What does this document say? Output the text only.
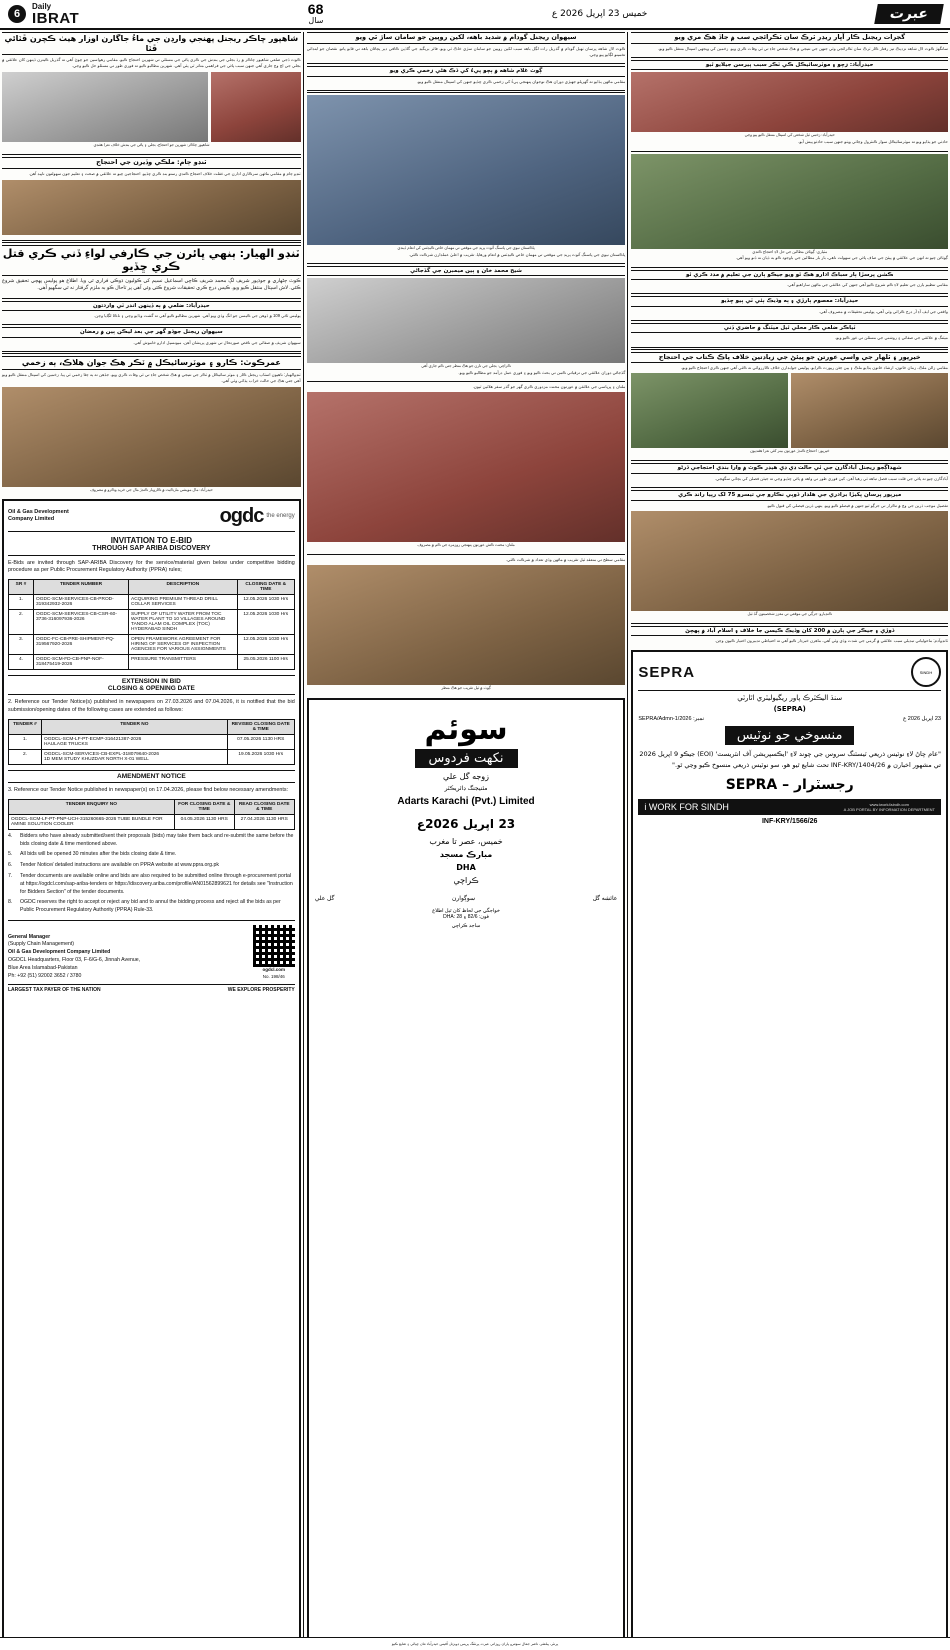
6
Daily
IBRAT
68
سال
خميس 23 اپريل 2026 ع	عبرت
شاهپور چاڪر ريجنل پهنجي وارڊن جي ماءُ جاگارن اوزار هيٺ ڪچرن ڦٽائي ڦٽا
ڪوٽ ڏجي ضلعي شاهپور چاڪر ۾ رڌ بجلي جي بندش جي ڪري پاڻي جي مسئلي تي شهرين احتجاج ڪيو. مقامي رهواسين جو چوڻ آهي ته گذريل ڪيترن ڏينهن کان علائقي ۾ بجلي جي اچ وڃ جاري آهي جنهن سبب پاڻي جي فراهمي متاثر ٿي پئي آهي. شهرين مطالبو ڪيو ته فوري طور تي مسئلو حل ڪيو وڃي.
شاهپور چاڪر: شهرين جو احتجاج، بجلي ۽ پاڻي جي بندش خلاف نعرا هڻندي
ٽنڊو ڄام: ملڪي وڏيرن جي احتجاج
ٽنڊو ڄام ۾ مقامي ماڻهن سرڪاري ادارن جي غفلت خلاف احتجاج ڪندي رستو بند ڪري ڇڏيو. احتجاجين چيو ته علائقي ۾ صحت ۽ تعليم جون سهولتون ناپيد آهن.
ٽنڊو الهيار: ٻنهي ڀائرن جي ڪارفي لواءِ ڏني ڪري قتل ڪري ڇڏيو
ڪوٽ ڄڻهاري ۾ جوڌپور شريف لڳ محمد شريف ڪاڇي اسماعيل نسيم کي ڪوليون ڌوڪي فراري ٿي ويا. اطلاع هو پوليس پهچي تحقيق شروع ڪئي. لاش اسپتال منتقل ڪيو ويو. ڪيس درج ڪري تحقيقات شروع ڪئي وئي آهي پر تاحال ڪو به ملزم گرفتار نه ٿي سگهيو آهي.
حيدرآباد: ضلعي ۾ ٻه ڏينهن اندر ٽي واردتون
پوليس ٿاڻي 109 ۾ ڏوهن جي ڪيسن جو انگ وڌي ويو آهي. شهرين مطالبو ڪيو آهي ته گشت وڌايو وڃي ۽ ناڪا لڳايا وڃن.
سيهوان ريجنل جوڌو گهر جي بعد ليڪن ٻين ۾ رمضان
سيهوان شريف ۾ صفائي جي ناقص صورتحال تي شهري پريشان آهن، ميونسپل ادارو خاموش آهي.
عمرڪوٽ: ڪارو ۽ موٽرسائيڪل ۾ ٽڪر هڪ جوان هلاڪ، ٻه زخمي
ٽنڊوالهيار: ناهيون اسٽاپ ريجنل ڪار ۽ موٽر سائيڪل ۾ ٽڪر جي نتيجي ۾ هڪ شخص جاءِ تي ئي وفات ڪري ويو، جڏهن ته ٻه ڄڻا زخمي ٿي پيا. زخمين کي اسپتال منتقل ڪيو ويو آهي جتي هڪ جي حالت خراب ٻڌائي وئي آهي.
حيدرآباد: مال مويشي مارڪيٽ ۾ ڪاروبار ڪندڙ مال جي خريد وڪرو ۾ مصروف
Oil & Gas Development
Company Limited	ogdc the energy
INVITATION TO E-BID
THROUGH SAP ARIBA DISCOVERY
E-Bids are invited through SAP-ARIBA Discovery for the service/material given below under competitive bidding procedure as per Public Procurement Regulatory Authority (PPRA) rules;
SR #	TENDER NUMBER	DESCRIPTION	CLOSING DATE & TIME
1.	OGDC-SCM-SERVICES-CB-PROD-319342932-2026	ACQUIRING PREMIUM THREAD DRILL COLLAR SERVICES	12.05.2026 1030 Hrs
2.	OGDC-SCM-SERVICES-CB-CSR-60-3736-316097936-2026	SUPPLY OF UTILITY WATER FROM TOC WATER PLANT TO 10 VILLAGES AROUND TANDO ALAM OIL COMPLEX (TOC) HYDERABAD SINDH	12.05.2026 1030 Hrs
3.	OGDC-FC-CB-PRE-SHIPMENT-PQ-319567920-2026	OPEN FRAMEWORK AGREEMENT FOR HIRING OF SERVICES OF INSPECTION AGENCIES FOR VARIOUS ASSIGNMENTS	12.05.2026 1030 Hrs
4.	OGDC-SCM-FD-CB-PNP-NOF-318475419-2026	PRESSURE TRANSMITTERS	25.05.2026 1100 Hrs
EXTENSION IN BID
CLOSING & OPENING DATE
2. Reference our Tender Notice(s) published in newspapers on 27.03.2026 and 07.04.2026, it is notified that the bid submission/opening dates of the following cases are extended as follows:
TENDER #	TENDER NO	REVISED CLOSING DATE & TIME
1.	OGDCL-SCM-LF-PT-ECMP-316421387-2026
HAULAGE TRUCKS	07.05.2026 1130 HRS
2.	OGDCL-SCM-SERVICES-CB-EXPL-318079640-2026
1D MEM STUDY KHUZDAR NORTH X-01 WELL	19.05.2026 1030 Hrs
AMENDMENT NOTICE
3. Reference our Tender Notice published in newspaper(s) on 17.04.2026, please find below necessary amendments:
TENDER ENQUIRY NO	FOR CLOSING DATE & TIME	READ CLOSING DATE & TIME
OGDCL-SCM-LF-PT-PNP-UCH-315260665-2026 TUBE BUNDLE FOR AMINE SOLUTION COOLER	04.05.2026 1130 HRS	27.04.2026 1130 HRS
4.	Bidders who have already submitted/sent their proposals (bids) may take them back and re-submit the same before the bids closing date & time mentioned above.
5.	All bids will be opened 30 minutes after the bids closing date & time.
6.	Tender Notice/ detailed instructions are available on PPRA website at www.ppra.org.pk
7.	Tender documents are available online and bids are also required to be submitted online through e-procurement portal at https://ogdcl.com/sap-ariba-tenders or https://discovery.ariba.com/profile/AN01562899621 for details see "Instruction for Bidders Section" of the tender documents.
8.	OGDC reserves the right to accept or reject any bid and to annul the bidding process and reject all the bids as per Public Procurement Regulatory Authority (PPRA) Rule-33.
General Manager
(Supply Chain Management)
Oil & Gas Development Company Limited
OGDCL Headquarters, Floor 03, F-6/G-6, Jinnah Avenue,
Blue Area Islamabad-Pakistan
Ph: +92 (51) 92002 3652 / 3780
ogdcl.com
No. 198/46
LARGEST TAX PAYER OF THE NATION	WE EXPLORE PROSPERITY
سيهوان ريجنل گودام ۾ شديد باهه، لکين روپين جو سامان ساڙ ٿي ويو
ڪوٽ لال شاهه ڀرسان ٺهيل گودام ۾ گذريل رات لڳل باهه سبب لکين روپين جو سامان سڙي خاڪ ٿي ويو. فائر بريگيڊ جي گاڏين ڪافي دير پڄاڻان باهه تي قابو پاتو. نقصان جو ابتدائي تخمينو لڳايو پيو وڃي.
ڳوٺ غلام شاهه ۾ ٻچو پيءُ کي ڌڪ هڻي زخمي ڪري ويو
مقامي ماڻهن ٻڌايو ته گهريلو جهيڙي دوران هڪ نوجوان پنهنجي پيءُ کي زخمي ڪري ڇڏيو جنهن کي اسپتال منتقل ڪيو ويو.
پاڪستان نيوي جي پاسنگ آئوٽ پريڊ جي موقعي تي مهمان خاص ڪيڊٽس کي انعام ڏيندي
پاڪستان نيوي جي پاسنگ آئوٽ پريڊ جي موقعي تي مهمان خاص ڪيڊٽس ۾ انعام ورهايا. تقريب ۾ اعليٰ عملدارن شرڪت ڪئي.
شيخ محمد خان ۽ ٻين ميمبرن جي گڏجاڻي
ڪراچي: بجلي جي تارن جو هڪ منظر جتي ڪم جاري آهي
گڏجاڻي دوران علائقي جي ترقياتي ڪمن تي بحث ڪيو ويو ۽ فوري عمل درآمد جو مطالبو ڪيو ويو.
ملتان ۽ ڀرپاسي جي علائقن ۾ عورتون محنت مزدوري ڪري گهر جو گذر سفر هلائين ٿيون.
ملتان: محنت ڪش عورتون پنهنجي روزمره جي ڪم ۾ مصروف
مقامي سطح تي منعقد ٿيل تقريب ۾ ماڻهن وڏي تعداد ۾ شرڪت ڪئي.
ڳوٺ ۾ ٿيل تقريب جو هڪ منظر
سوئم
نکهت فردوس
زوجه گل علي
مئنيجنگ ڊائريڪٽر
Adarts Karachi (Pvt.) Limited
23 اپريل 2026ع
خميس، عصر تا مغرب
مبارڪ مسجد
DHA
ڪراچي
عائشه گل
سوڳوارن
گل علي
خواجگي جي لحاظ کان ٿيل اطلاع
فون: 82/6 ۽ DHA: 28
ساجد ڪراچي
گجرات ريجنل ڪار آڀار ريڊر ٽرڪ سان ٽڪرائجي سب ۾ جاڏ هڪ مري ويو
سانگهڙ ڪوٽ لال شاهه نزديڪ تيز رفتار ڪار ٽرڪ سان ٽڪرائجي وئي جنهن جي نتيجي ۾ هڪ شخص جاءِ تي ئي وفات ڪري ويو. زخمين کي ويجهي اسپتال منتقل ڪيو ويو.
حيدرآباد: زچو ۽ موٽرسائيڪل ڪي ٽڪر سبب پيرسن جيلايو ٿيو
حيدرآباد: زخمي ٿيل شخص کي اسپتال منتقل ڪيو پيو وڃي
حادثي جو ٻڌايو ويو ته موٽرسائيڪل سوار ڪنٽرول وڃائي ويٺو جنهن سبب حادثو پيش آيو.
مٽياري: ڳوٺاڻن مطالبن جي حل لاءِ احتجاج ڪندي
ڳوٺاڻن چيو ته انهن جي علائقي ۾ پيئڻ جي صاف پاڻي جي سهولت ناهي، بار بار مطالبن جي باوجود ڪو به ڌيان نه ڏنو ويو آهي.
ڪشن پرسڙا ٻار سباڪ ادارو هڪ ٿو ويو جيڪو ٻارن جي تعليم ۾ مدد ڪري ٿو
مقامي تنظيم ٻارن جي تعليم لاءِ ڪم شروع ڪيو آهي جنهن کي علائقي جي ماڻهن ساراهيو آهي.
حيدرآباد: معصوم ٻارڙي ۽ ٻه وڌيڪ ٻئي ٽي ٻيو ڇڏيو
واقعي جي ايف آءِ آر درج ڪرائي وئي آهي، پوليس تحقيقات ۾ مصروف آهي.
ٽياڪر ضلعي ڪار محلي ٿيل ميٽنگ ۾ حاضري ڏني
ميٽنگ ۾ علائقي جي صفائي ۽ روشني جي مسئلن تي غور ڪيو ويو.
خيرپور ۽ ٽلهار جي واسي عورتن جو پيئڻ جي زيادتين خلاف پاڪ ڪتاب جي احتجاج
مقامي زالن ملڪ، زمان خاتون، ارشاد خاتون ٻڌايو ملڪ ۽ ٻين ڄڻن رپورٽ ڪرايو. پوليس جوابدارن خلاف ڪارروائي نه ڪئي آهي جنهن ڪري احتجاج ڪيو ويو.
خيرپور: احتجاج ڪندڙ عورتون بينر کڻي نعرا هڻنديون
شهداڳجو ريجنل آبادگارن جي ٿي حالت ڊي ڊي هيڊر ڪوٽ ۾ وارا بندي احتجاجي ڌرڻو
آبادگارن چيو ته پاڻي جي قلت سبب فصل تباهه ٿي رهيا آهن. کين فوري طور تي واهه ۾ پاڻي ڇڏيو وڃي ته جيئن فصلن کي بچائي سگهجي.
ميرپور پرسان پکيڙا برادري جي هلدار ڌوٻي نڪارو جي تيسرو 75 لک رپيا راند ڪري
تفصيل موجب ڌرين جي وچ ۾ تڪرار تي جرڳو ٿيو جنهن ۾ فيصلو ڪيو ويو. ٻنهي ڌرين فيصلي کي قبول ڪيو.
ڪنڊيارو: جرڳي جي موقعي تي معزز شخصيتون گڏ ٿيل
ڌوڙي ۽ جيڪر جي ٻارن ۾ 200 کان وڌيڪ ڪيسن جا خلاف ۽ اسلام آباد ۾ پهچڻ
ٽانڊوآدم: ماحولياتي تبديلي سبب علائقي ۾ گرمي جي شدت وڌي وئي آهي، ماهرن خبردار ڪيو آهي ته احتياطي تدبيرون اختيار ڪيون وڃن.
SEPRA	SINDH
سنڌ اليڪٽرڪ پاور ريگيوليٽري اٿارٽي
(SEPRA)
23 اپريل 2026 ع
نمبر: SEPRA/Admn-1/2026
منسوخي جو نوٽيس
"عام چاڻ لاءِ نوٽيس ذريعي ٽيسٽنگ سروس جي چوند لاءِ 'ايڪسپريشن آف انٽريسٽ' (EOI) جيڪو 9 اپريل 2026 تي مشهور اخبارن ۾ INF-KRY/1404/26 تحت شايع ٿيو هو، سو نوٽيس ذريعي منسوخ ڪيو وڃي ٿو."
رجسٽرار – SEPRA
i WORK FOR SINDH	www.iwork4sindh.com
A JOB PORTAL BY INFORMATION DEPARTMENT
INF-KRY/1566/26
پرنٽر، پبلشر، ناصر جمال سومرو پاران روزاني عبرت پرنٽنگ پريس ڊويزنل آفيس حيدرآباد مان ڇپائي ۽ شايع ڪيو
